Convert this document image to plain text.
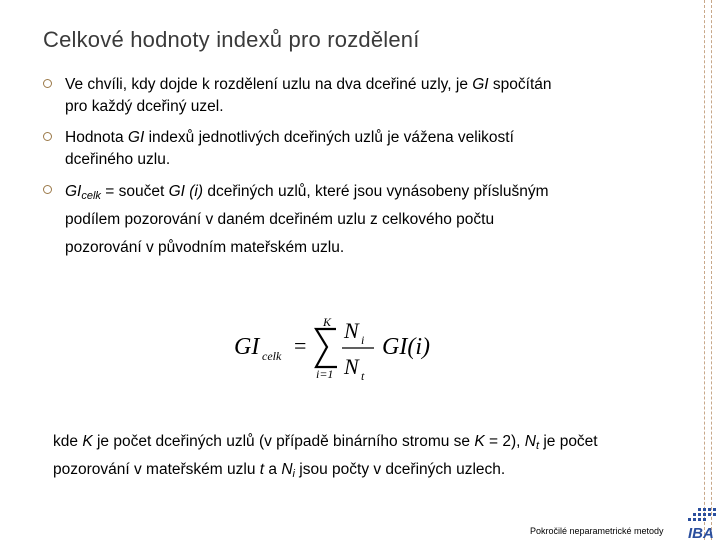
Celkové hodnoty indexů pro rozdělení
Ve chvíli, kdy dojde k rozdělení uzlu na dva dceřiné uzly, je GI spočítán
pro každý dceřiný uzel.
Hodnota GI indexů jednotlivých dceřiných uzlů je vážena velikostí
dceřiného uzlu.
$GI_{celk}$ = součet GI (i) dceřiných uzlů, které jsou vynásobeny příslušným
podílem pozorování v daném dceřiném uzlu z celkového počtu
pozorování v původním mateřském uzlu.
GI celk
K
i=1
N i
N t
GI(i)
=
kde K je počet dceřiných uzlů (v případě binárního stromu se K = 2), $N_t$ je počet
pozorování v mateřském uzlu t a $N_i$ jsou počty v dceřiných uzlech.
Pokročilé neparametrické metody IBA
